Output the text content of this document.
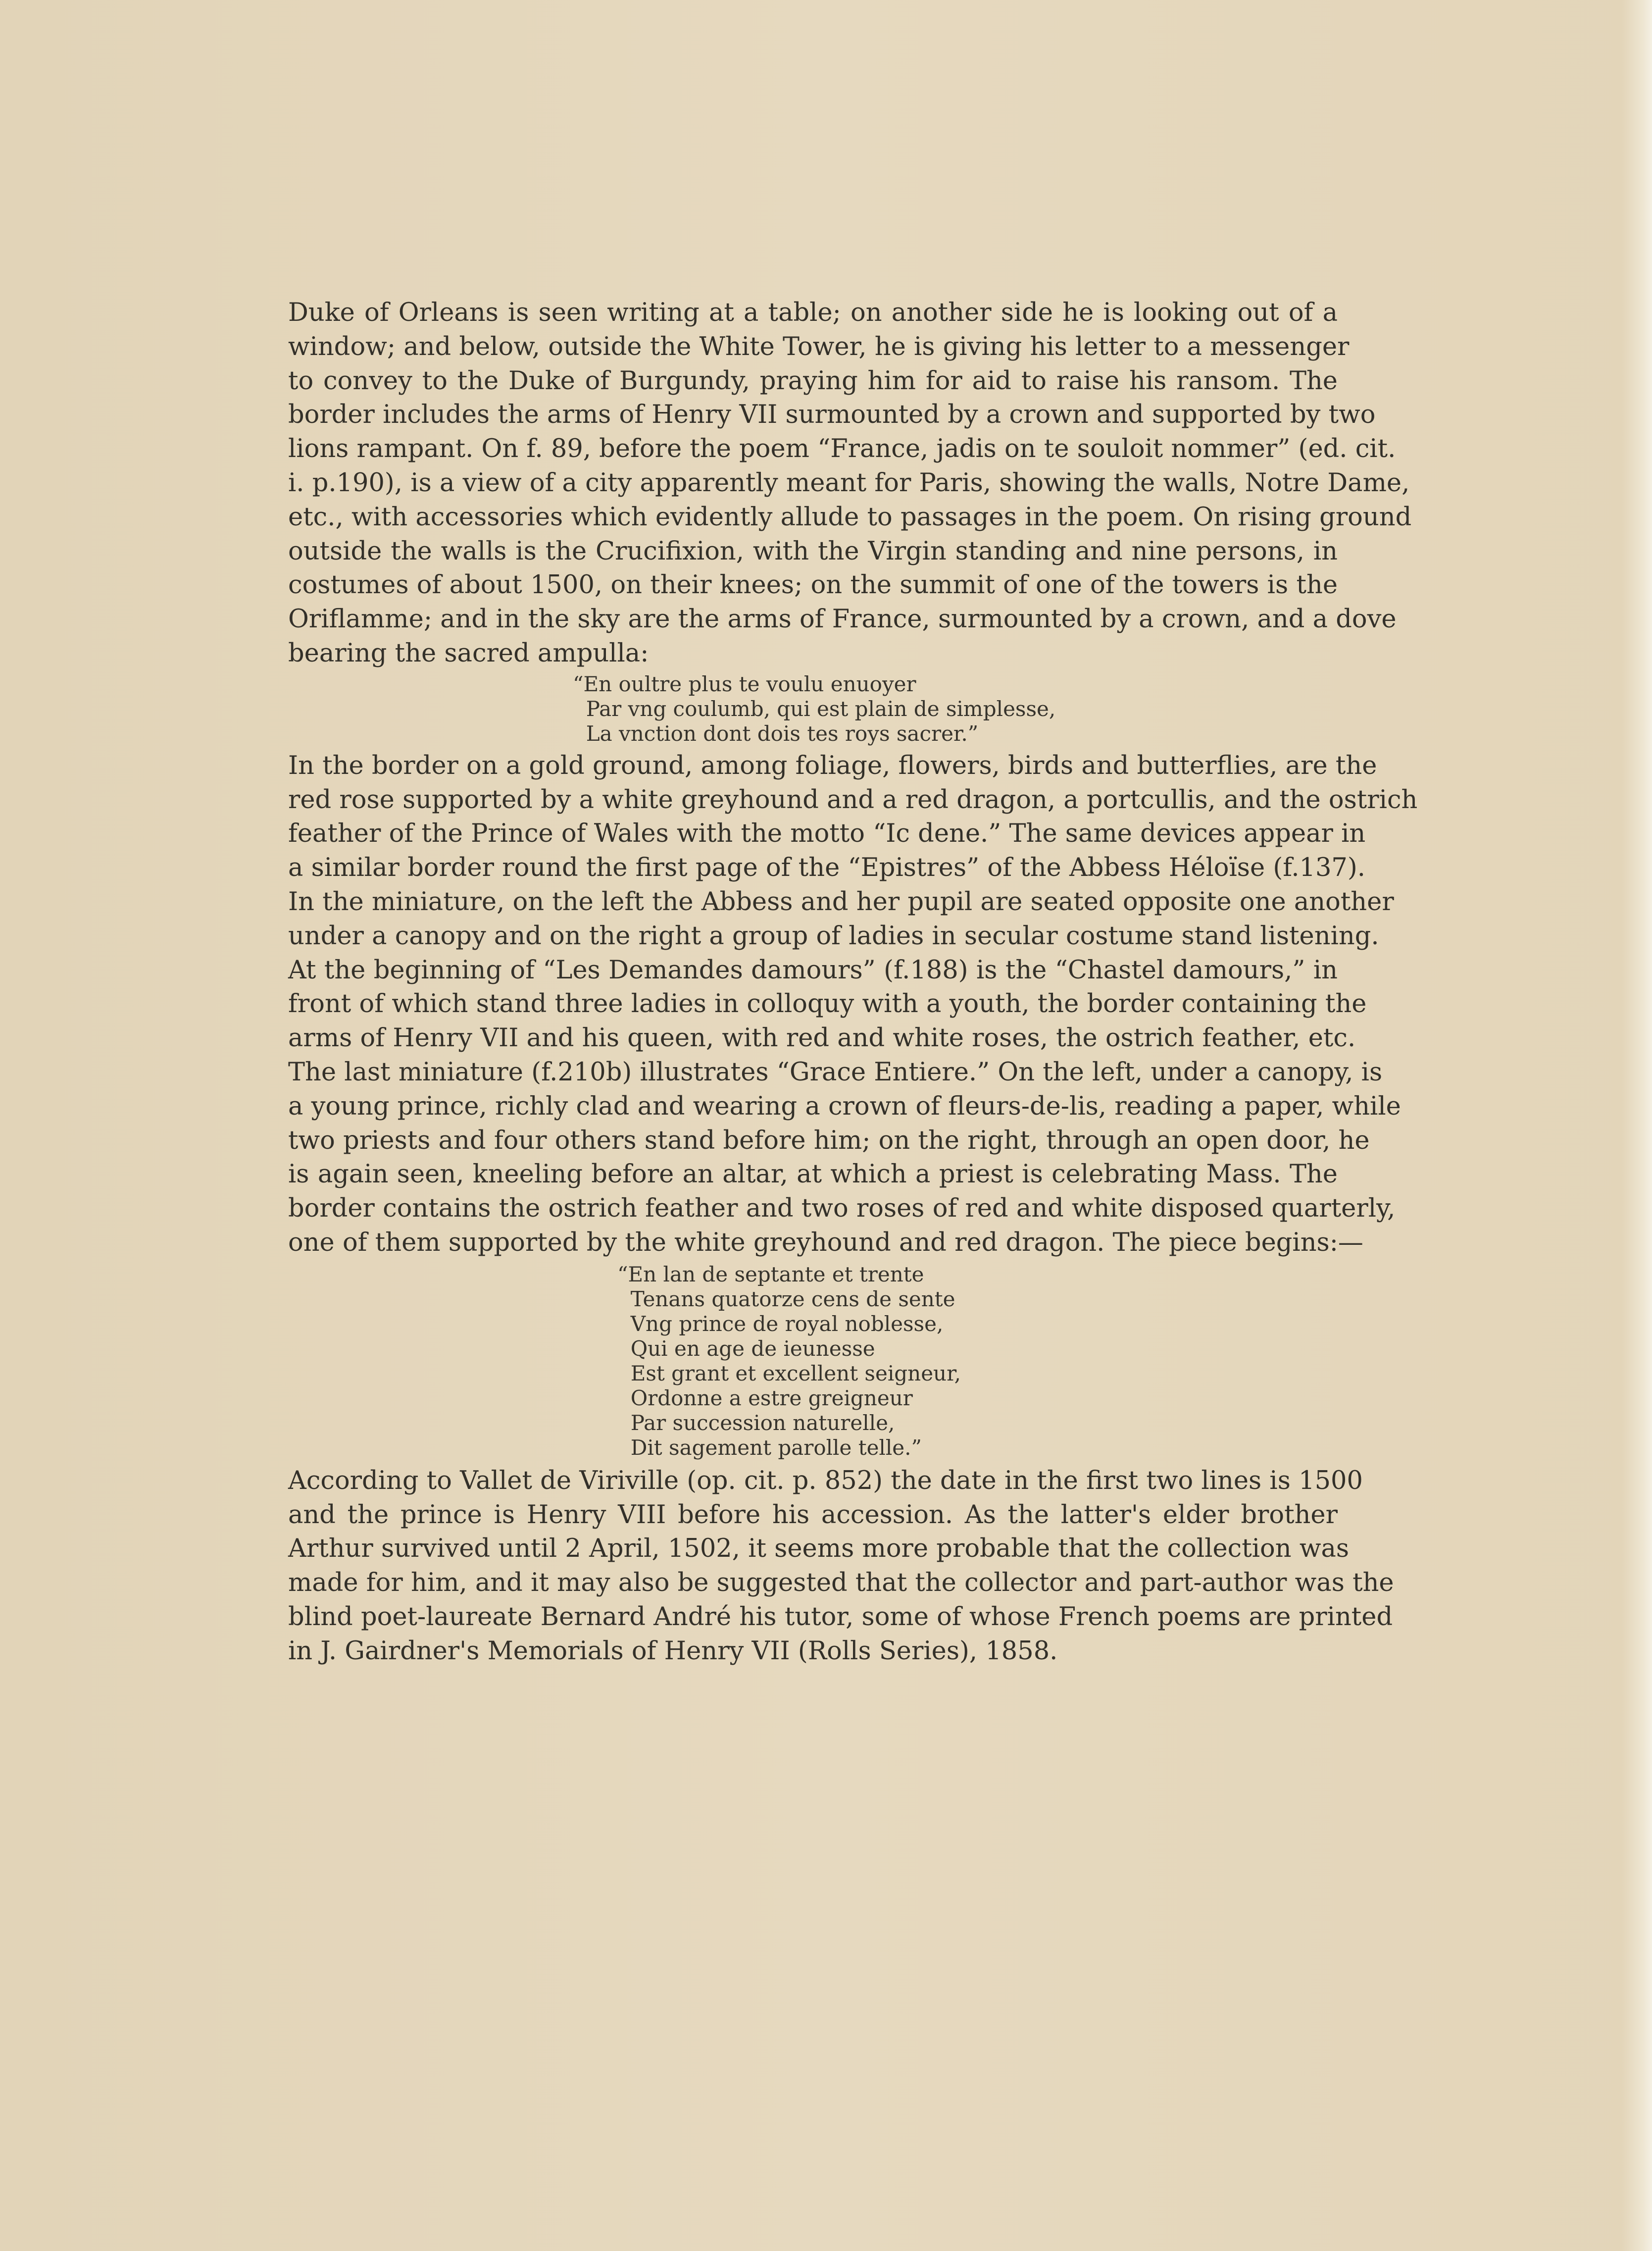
Duke of Orleans is seen writing at a table; on another side he is looking out of a
window; and below, outside the White Tower, he is giving his letter to a messenger
to convey to the Duke of Burgundy, praying him for aid to raise his ransom. The
border includes the arms of Henry VII surmounted by a crown and supported by two
lions rampant. On f. 89, before the poem “France, jadis on te souloit nommer” (ed. cit.
i. p.190), is a view of a city apparently meant for Paris, showing the walls, Notre Dame,
etc., with accessories which evidently allude to passages in the poem. On rising ground
outside the walls is the Crucifixion, with the Virgin standing and nine persons, in
costumes of about 1500, on their knees; on the summit of one of the towers is the
Oriflamme; and in the sky are the arms of France, surmounted by a crown, and a dove
bearing the sacred ampulla:

“En oultre plus te voulu enuoyer
Par vng coulumb, qui est plain de simplesse,
La vnction dont dois tes roys sacrer.”

In the border on a gold ground, among foliage, flowers, birds and butterflies, are the
red rose supported by a white greyhound and a red dragon, a portcullis, and the ostrich
feather of the Prince of Wales with the motto “Ic dene.” The same devices appear in
a similar border round the first page of the “Epistres” of the Abbess Héloïse (f.137).
In the miniature, on the left the Abbess and her pupil are seated opposite one another
under a canopy and on the right a group of ladies in secular costume stand listening.
At the beginning of “Les Demandes damours” (f.188) is the “Chastel damours,” in
front of which stand three ladies in colloquy with a youth, the border containing the
arms of Henry VII and his queen, with red and white roses, the ostrich feather, etc.
The last miniature (f.210b) illustrates “Grace Entiere.” On the left, under a canopy, is
a young prince, richly clad and wearing a crown of fleurs-de-lis, reading a paper, while
two priests and four others stand before him; on the right, through an open door, he
is again seen, kneeling before an altar, at which a priest is celebrating Mass. The
border contains the ostrich feather and two roses of red and white disposed quarterly,
one of them supported by the white greyhound and red dragon. The piece begins:—

“En lan de septante et trente
Tenans quatorze cens de sente
Vng prince de royal noblesse,
Qui en age de ieunesse
Est grant et excellent seigneur,
Ordonne a estre greigneur
Par succession naturelle,
Dit sagement parolle telle.”

According to Vallet de Viriville (op. cit. p. 852) the date in the first two lines is 1500
and the prince is Henry VIII before his accession. As the latter's elder brother
Arthur survived until 2 April, 1502, it seems more probable that the collection was
made for him, and it may also be suggested that the collector and part-author was the
blind poet-laureate Bernard André his tutor, some of whose French poems are printed
in J. Gairdner's Memorials of Henry VII (Rolls Series), 1858.
